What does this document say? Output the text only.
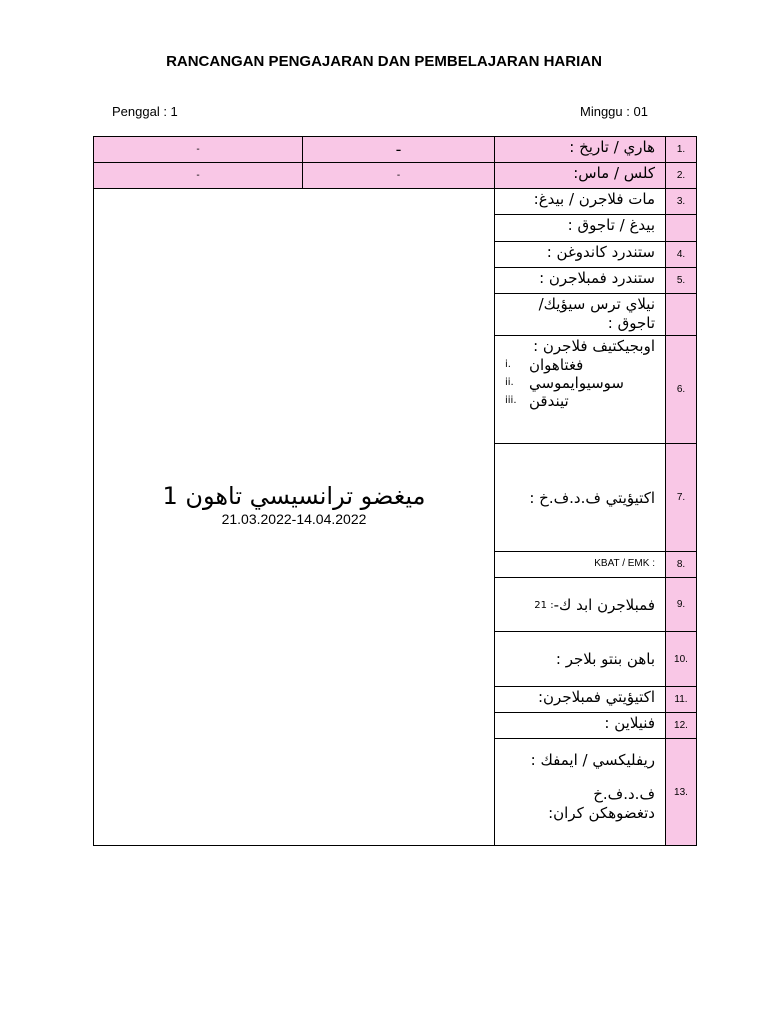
RANCANGAN PENGAJARAN DAN PEMBELAJARAN HARIAN
Penggal : 1	Minggu : 01
1.
هاري / تاريخ :
-
-
2.
كلس / ماس:
-
-
ميغضو ترانسيسي تاهون 1
21.03.2022-14.04.2022
3.
مات فلاجرن / بيدغ:
بيدغ / تاجوق :
4.
ستندرد كاندوغن :
5.
ستندرد فمبلاجرن :
نيلاي ترس سيؤيك/ تاجوق :
6.
اوبجيكتيف فلاجرن :
فغتاهوان
i.
سوسيوايموسي
ii.
تيندقن
iii.
7.
اكتيؤيتي ف.د.ف.خ :
8.
KBAT / EMK :
9.
فمبلاجرن ابد ك-
21 :
10.
باهن بنتو بلاجر :
11.
اكتيؤيتي فمبلاجرن:
12.
فنيلاين :
13.
ريفليكسي / ايمفك :
ف.د.ف.خ
دتغضوهكن كران:
